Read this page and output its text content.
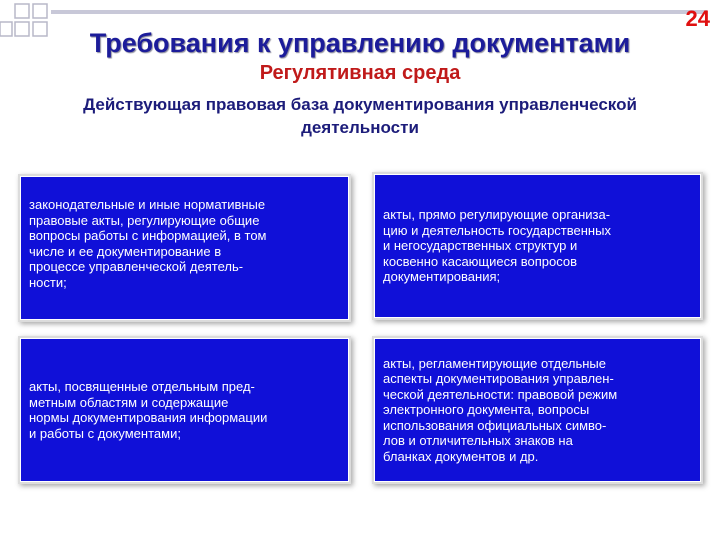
24
Требования к управлению документами
Регулятивная среда
Действующая правовая база документирования управленческой деятельности
законодательные и иные нормативные
правовые акты, регулирующие общие
вопросы работы с информацией, в том
числе и ее документирование в
процессе управленческой деятель-
ности;
акты, прямо регулирующие организа-
цию и деятельность государственных
и негосударственных структур и
косвенно касающиеся вопросов
документирования;
акты, посвященные отдельным пред-
метным областям и содержащие
нормы документирования информации
и работы с документами;
акты, регламентирующие отдельные
аспекты документирования управлен-
ческой деятельности: правовой режим
электронного документа, вопросы
использования официальных симво-
лов и отличительных знаков на
бланках документов и др.
